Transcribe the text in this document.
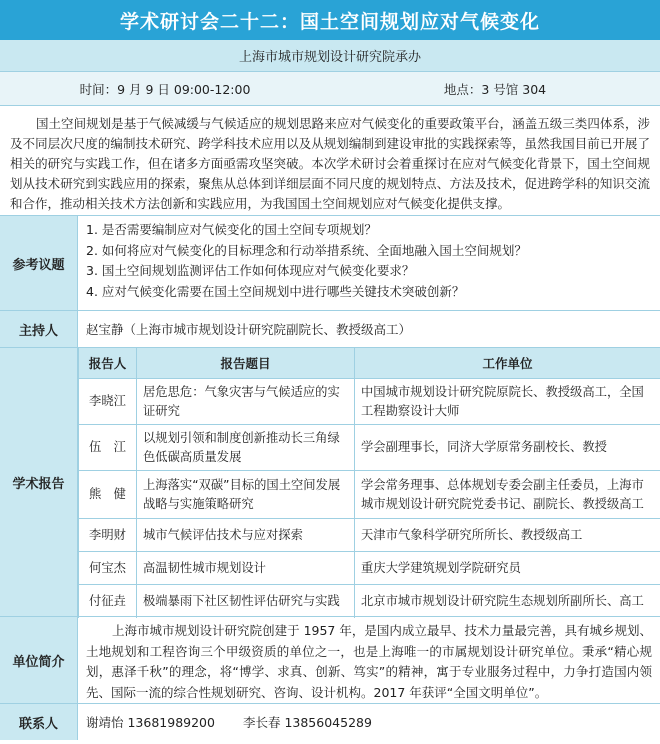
学术研讨会二十二：国土空间规划应对气候变化
上海市城市规划设计研究院承办
时间：9 月 9 日 09:00-12:00	地点：3 号馆 304
国土空间规划是基于气候减缓与气候适应的规划思路来应对气候变化的重要政策平台，涵盖五级三类四体系，涉及不同层次尺度的编制技术研究、跨学科技术应用以及从规划编制到建设审批的实践探索等，虽然我国目前已开展了相关的研究与实践工作，但在诸多方面亟需攻坚突破。本次学术研讨会着重探讨在应对气候变化背景下，国土空间规划从技术研究到实践应用的探索，聚焦从总体到详细层面不同尺度的规划特点、方法及技术，促进跨学科的知识交流和合作，推动相关技术方法创新和实践应用，为我国国土空间规划应对气候变化提供支撑。
参考议题
1. 是否需要编制应对气候变化的国土空间专项规划？
2. 如何将应对气候变化的目标理念和行动举措系统、全面地融入国土空间规划？
3. 国土空间规划监测评估工作如何体现应对气候变化要求？
4. 应对气候变化需要在国土空间规划中进行哪些关键技术突破创新？
主持人	赵宝静（上海市城市规划设计研究院副院长、教授级高工）
学术报告
报告人	报告题目	工作单位
李晓江	居危思危：气象灾害与气候适应的实证研究	中国城市规划设计研究院原院长、教授级高工，全国工程勘察设计大师
伍　江	以规划引领和制度创新推动长三角绿色低碳高质量发展	学会副理事长，同济大学原常务副校长、教授
熊　健	上海落实“双碳”目标的国土空间发展战略与实施策略研究	学会常务理事、总体规划专委会副主任委员，上海市城市规划设计研究院党委书记、副院长、教授级高工
李明财	城市气候评估技术与应对探索	天津市气象科学研究所所长、教授级高工
何宝杰	高温韧性城市规划设计	重庆大学建筑规划学院研究员
付征垚	极端暴雨下社区韧性评估研究与实践	北京市城市规划设计研究院生态规划所副所长、高工
单位简介
上海市城市规划设计研究院创建于 1957 年，是国内成立最早、技术力量最完善，具有城乡规划、土地规划和工程咨询三个甲级资质的单位之一，也是上海唯一的市属规划设计研究单位。秉承“精心规划，惠泽千秋”的理念，将“博学、求真、创新、笃实”的精神，寓于专业服务过程中，力争打造国内领先、国际一流的综合性规划研究、咨询、设计机构。2017 年获评“全国文明单位”。
联系人	谢靖怡 13681989200 李长春 13856045289
